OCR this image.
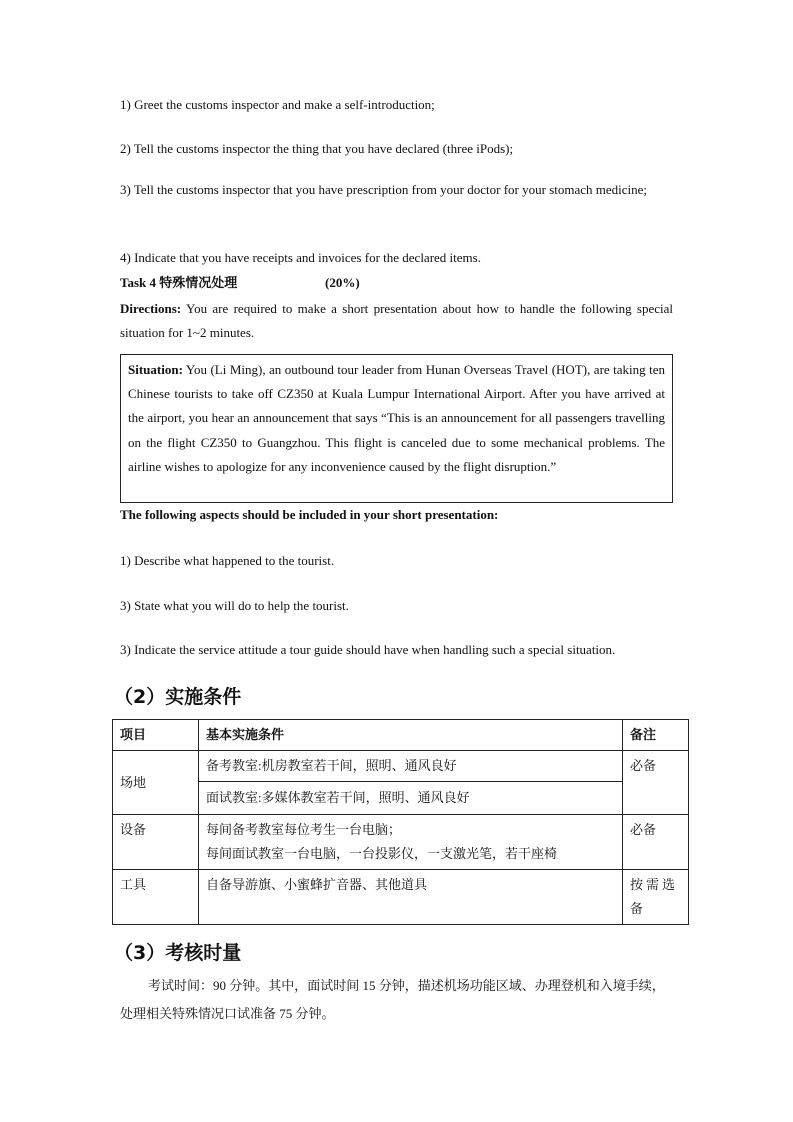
1) Greet the customs inspector and make a self-introduction;
2) Tell the customs inspector the thing that you have declared (three iPods);
3) Tell the customs inspector that you have prescription from your doctor for your stomach medicine;
4) Indicate that you have receipts and invoices for the declared items.
Task 4 特殊情况处理	(20%)
Directions: You are required to make a short presentation about how to handle the following special situation for 1~2 minutes.
Situation: You (Li Ming), an outbound tour leader from Hunan Overseas Travel (HOT), are taking ten Chinese tourists to take off CZ350 at Kuala Lumpur International Airport. After you have arrived at the airport, you hear an announcement that says “This is an announcement for all passengers travelling on the flight CZ350 to Guangzhou. This flight is canceled due to some mechanical problems. The airline wishes to apologize for any inconvenience caused by the flight disruption.”
The following aspects should be included in your short presentation:
1) Describe what happened to the tourist.
3) State what you will do to help the tourist.
3) Indicate the service attitude a tour guide should have when handling such a special situation.
（2）实施条件
项目	基本实施条件	备注
场地	备考教室:机房教室若干间，照明、通风良好	必备
	面试教室:多媒体教室若干间，照明、通风良好	
设备	每间备考教室每位考生一台电脑；
每间面试教室一台电脑，一台投影仪，一支激光笔，若干座椅	必备
工具	自备导游旗、小蜜蜂扩音器、其他道具	按需选备
（3）考核时量
考试时间：90 分钟。其中，面试时间 15 分钟，描述机场功能区域、办理登机和入境手续，处理相关特殊情况口试准备 75 分钟。
